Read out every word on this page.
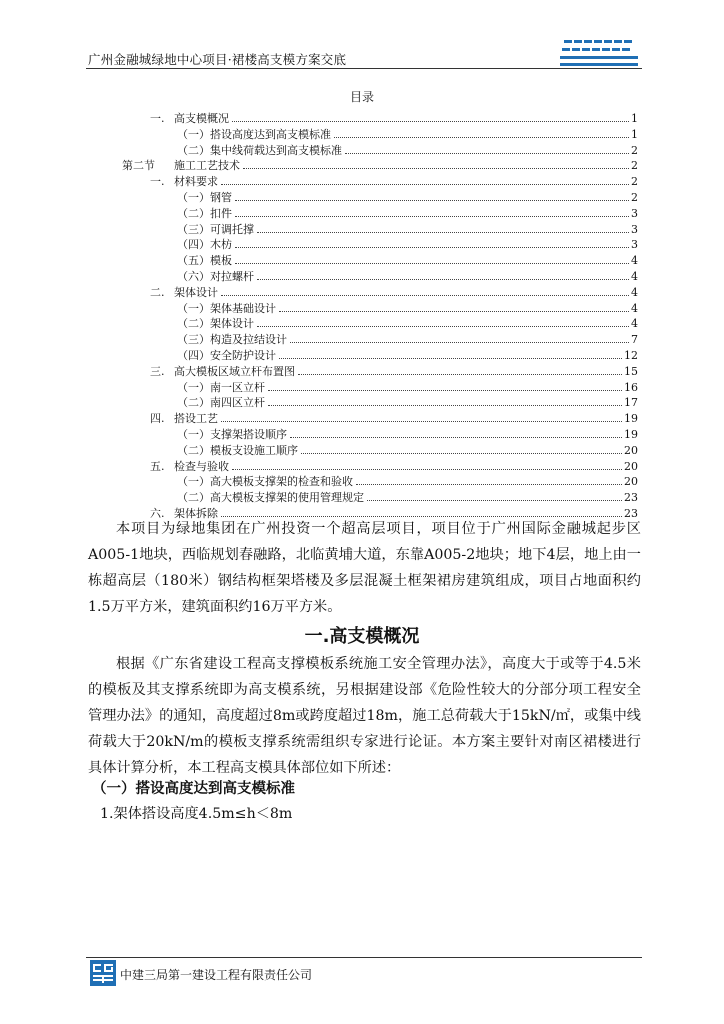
广州金融城绿地中心项目·裙楼高支模方案交底
目录
一. 高支模概况	1
（一） 搭设高度达到高支模标准	1
（二） 集中线荷载达到高支模标准	2
第二节	施工工艺技术	2
一. 材料要求	2
（一） 钢管	2
（二） 扣件	3
（三） 可调托撑	3
（四） 木枋	3
（五） 模板	4
（六） 对拉螺杆	4
二. 架体设计	4
（一） 架体基础设计	4
（二） 架体设计	4
（三） 构造及拉结设计	7
（四） 安全防护设计	12
三. 高大模板区域立杆布置图	15
（一） 南一区立杆	16
（二） 南四区立杆	17
四. 搭设工艺	19
（一） 支撑架搭设顺序	19
（二） 模板支设施工顺序	20
五. 检查与验收	20
（一） 高大模板支撑架的检查和验收	20
（二） 高大模板支撑架的使用管理规定	23
六. 架体拆除	23
本项目为绿地集团在广州投资一个超高层项目，项目位于广州国际金融城起步区A005-1地块，西临规划春融路，北临黄埔大道，东靠A005-2地块；地下4层，地上由一栋超高层（180米）钢结构框架塔楼及多层混凝土框架裙房建筑组成，项目占地面积约1.5万平方米，建筑面积约16万平方米。
一.高支模概况
根据《广东省建设工程高支撑模板系统施工安全管理办法》，高度大于或等于4.5米的模板及其支撑系统即为高支模系统，另根据建设部《危险性较大的分部分项工程安全管理办法》的通知，高度超过8m或跨度超过18m，施工总荷载大于15kN/㎡，或集中线荷载大于20kN/m的模板支撑系统需组织专家进行论证。本方案主要针对南区裙楼进行具体计算分析，本工程高支模具体部位如下所述：
（一）搭设高度达到高支模标准
1.架体搭设高度4.5m≤h＜8m
中建三局第一建设工程有限责任公司
